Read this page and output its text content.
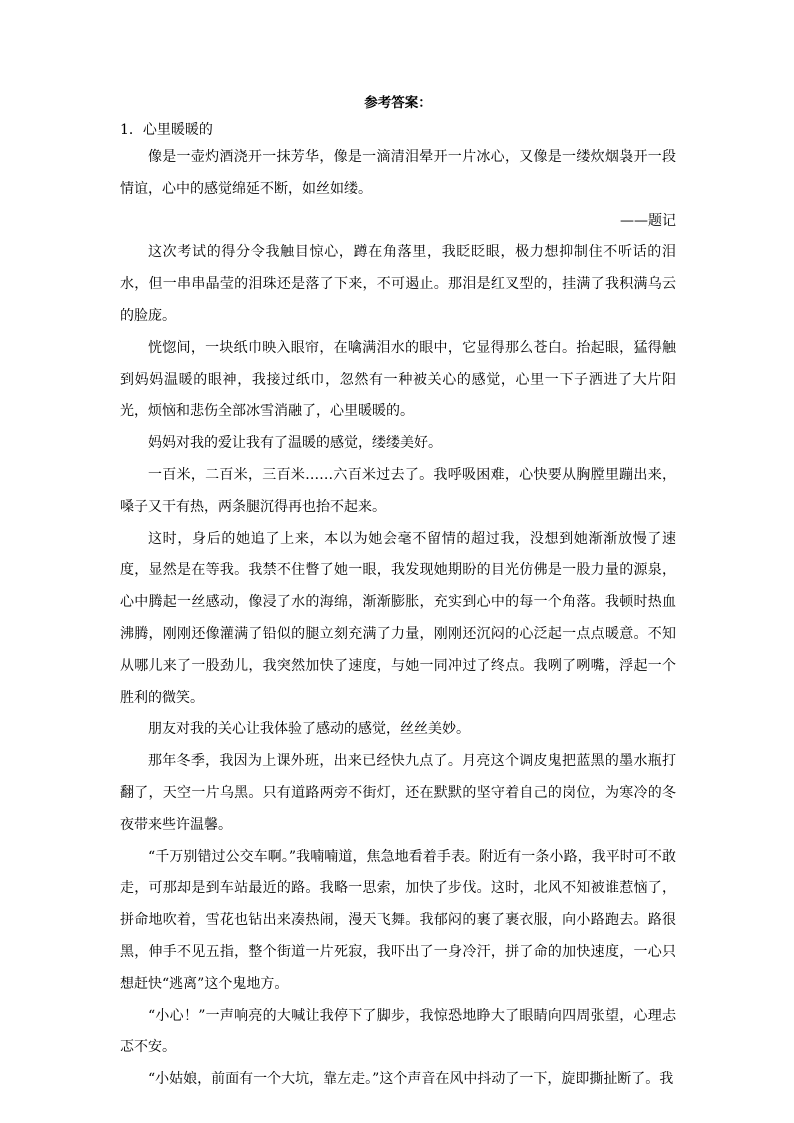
参考答案：
1．心里暖暖的

像是一壶灼酒浇开一抹芳华，像是一滴清泪晕开一片冰心，又像是一缕炊烟袅开一段情谊，心中的感觉绵延不断，如丝如缕。

——题记

这次考试的得分令我触目惊心，蹲在角落里，我眨眨眼，极力想抑制住不听话的泪水，但一串串晶莹的泪珠还是落了下来，不可遏止。那泪是红叉型的，挂满了我积满乌云的脸庞。

恍惚间，一块纸巾映入眼帘，在噙满泪水的眼中，它显得那么苍白。抬起眼，猛得触到妈妈温暖的眼神，我接过纸巾，忽然有一种被关心的感觉，心里一下子洒进了大片阳光，烦恼和悲伤全部冰雪消融了，心里暖暖的。

妈妈对我的爱让我有了温暖的感觉，缕缕美好。

一百米，二百米，三百米……六百米过去了。我呼吸困难，心快要从胸膛里蹦出来，嗓子又干有热，两条腿沉得再也抬不起来。

这时，身后的她追了上来，本以为她会毫不留情的超过我，没想到她渐渐放慢了速度，显然是在等我。我禁不住瞥了她一眼，我发现她期盼的目光仿佛是一股力量的源泉，心中腾起一丝感动，像浸了水的海绵，渐渐膨胀，充实到心中的每一个角落。我顿时热血沸腾，刚刚还像灌满了铅似的腿立刻充满了力量，刚刚还沉闷的心泛起一点点暖意。不知从哪儿来了一股劲儿，我突然加快了速度，与她一同冲过了终点。我咧了咧嘴，浮起一个胜利的微笑。

朋友对我的关心让我体验了感动的感觉，丝丝美妙。

那年冬季，我因为上课外班，出来已经快九点了。月亮这个调皮鬼把蓝黑的墨水瓶打翻了，天空一片乌黑。只有道路两旁不街灯，还在默默的坚守着自己的岗位，为寒冷的冬夜带来些许温馨。

“千万别错过公交车啊。”我喃喃道，焦急地看着手表。附近有一条小路，我平时可不敢走，可那却是到车站最近的路。我略一思索，加快了步伐。这时，北风不知被谁惹恼了，拼命地吹着，雪花也钻出来凑热闹，漫天飞舞。我郁闷的裹了裹衣服，向小路跑去。路很黑，伸手不见五指，整个街道一片死寂，我吓出了一身冷汗，拼了命的加快速度，一心只想赶快“逃离”这个鬼地方。

“小心！”一声响亮的大喊让我停下了脚步，我惊恐地睁大了眼睛向四周张望，心理忐忑不安。

“小姑娘，前面有一个大坑，靠左走。”这个声音在风中抖动了一下，旋即撕扯断了。我
